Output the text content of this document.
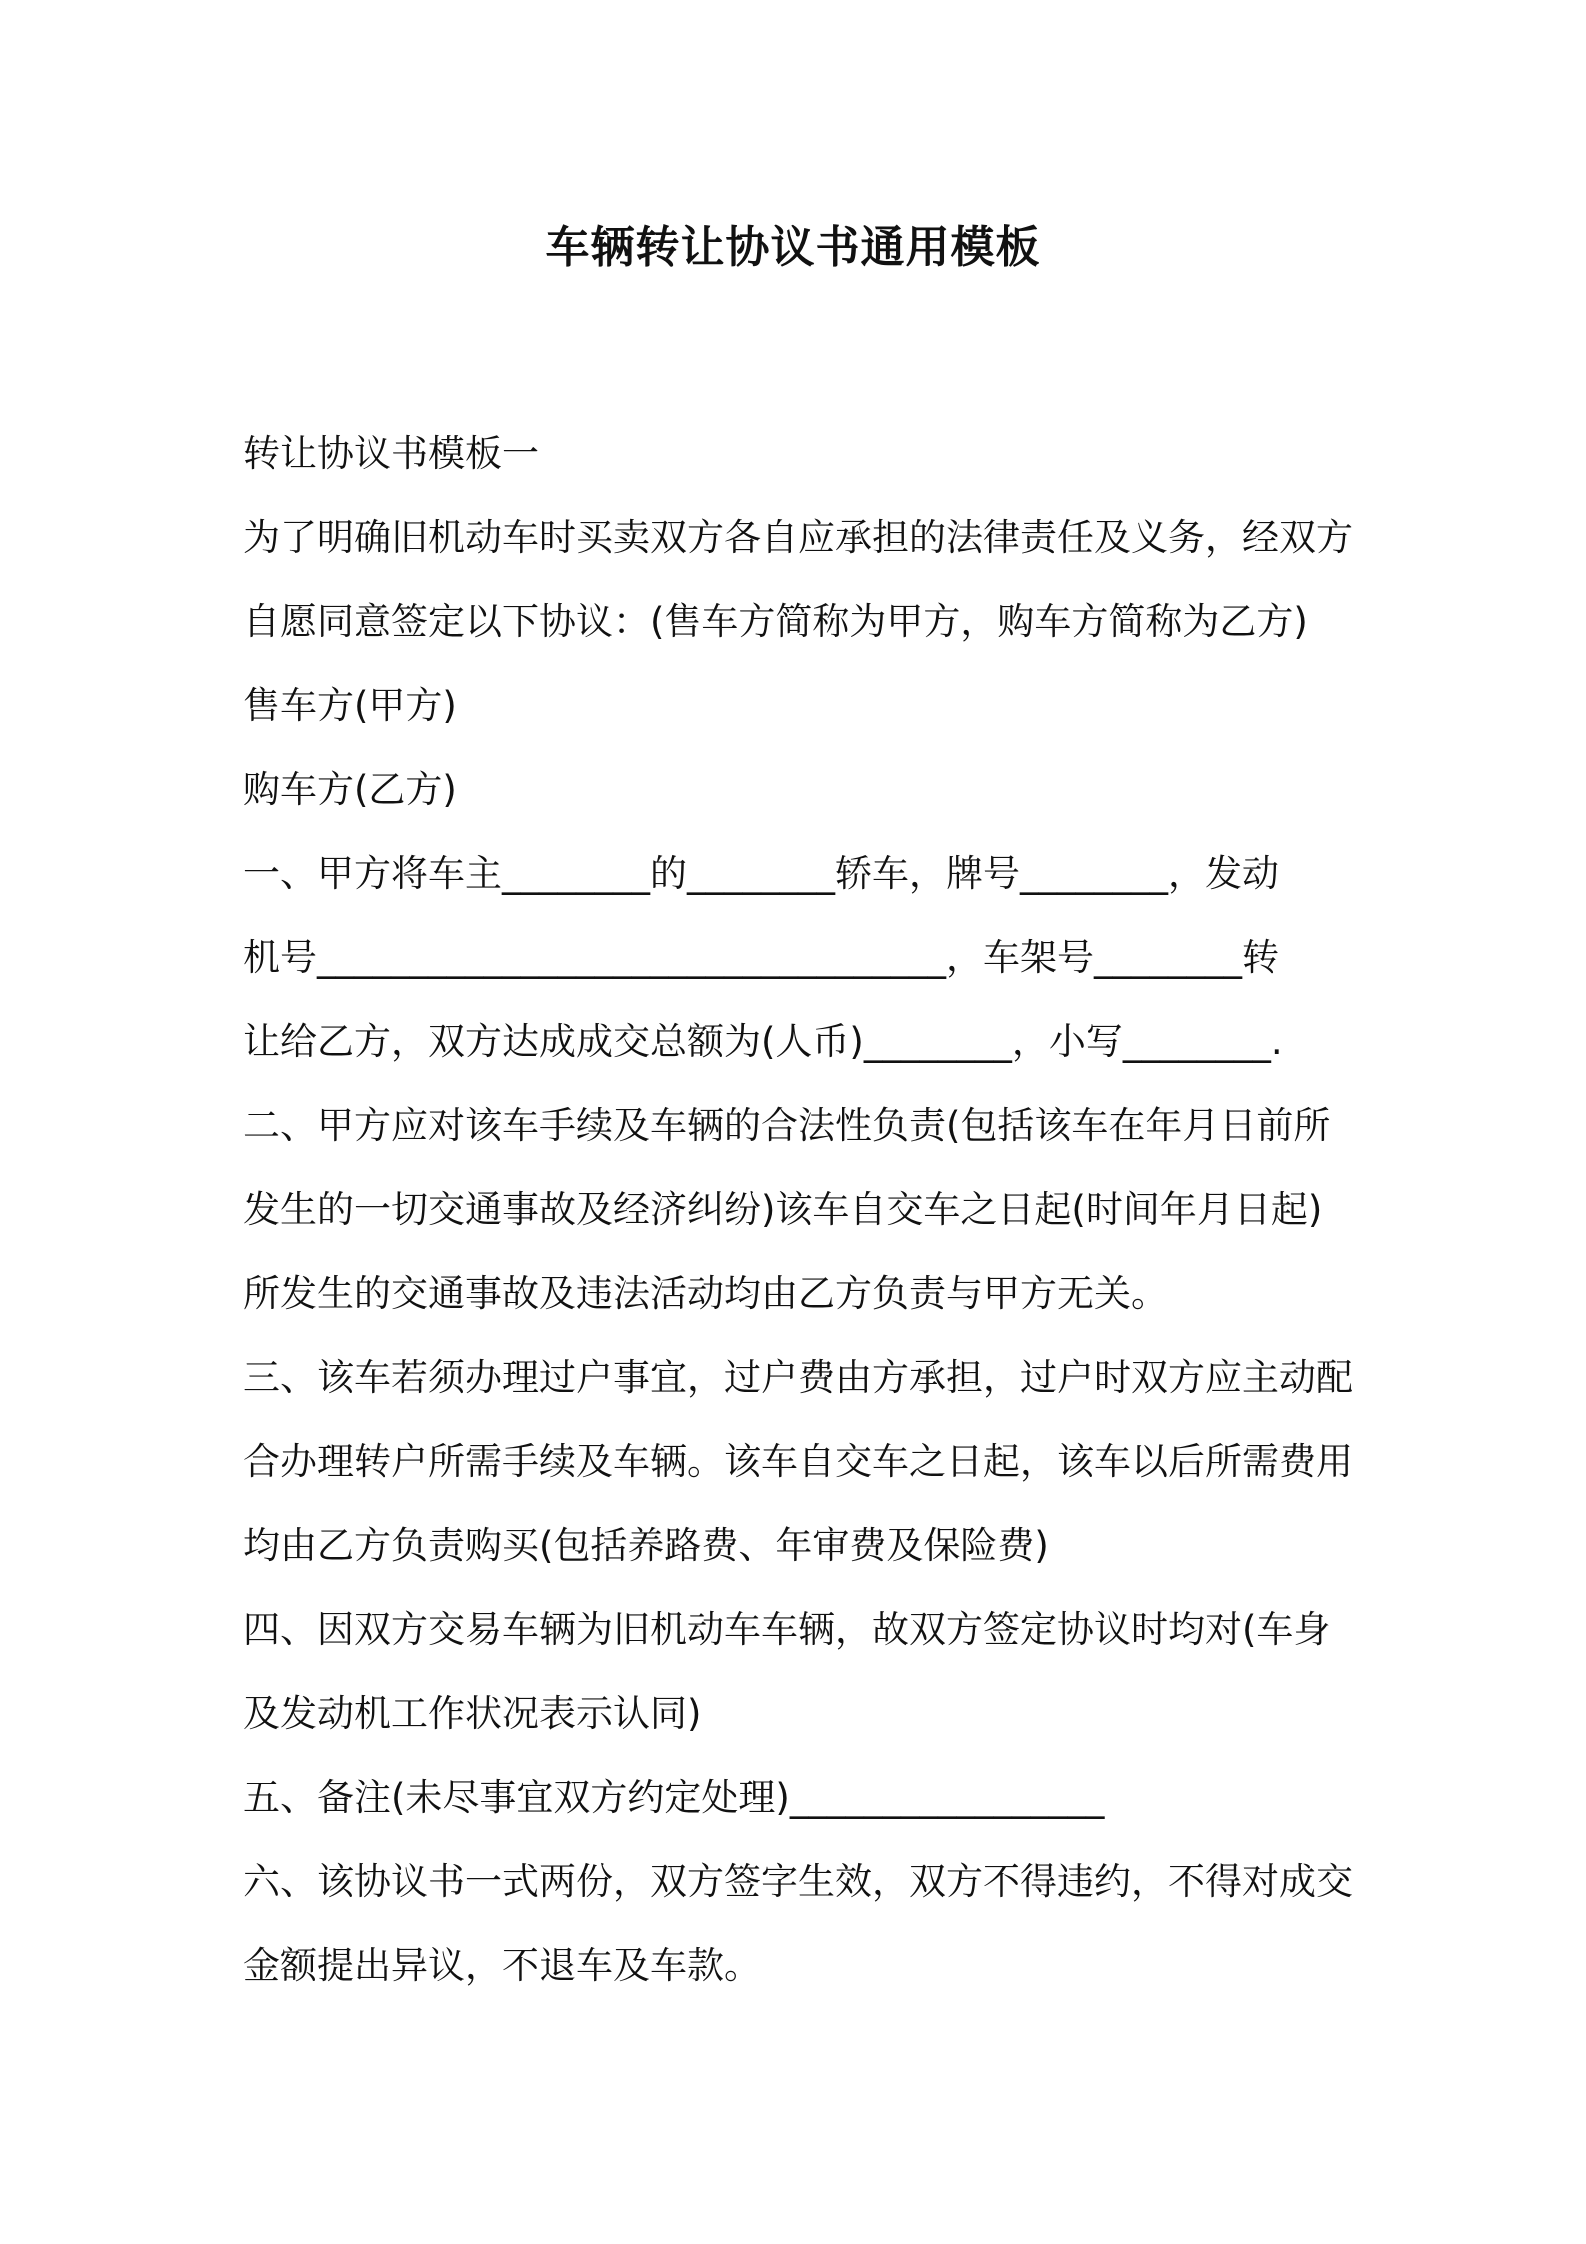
车辆转让协议书通用模板
转让协议书模板一
为了明确旧机动车时买卖双方各自应承担的法律责任及义务，经双方
自愿同意签定以下协议：(售车方简称为甲方，购车方简称为乙方)
售车方(甲方)
购车方(乙方)
一、甲方将车主________的________轿车，牌号________，发动
机号__________________________________，车架号________转
让给乙方，双方达成成交总额为(人币)________，小写________.
二、甲方应对该车手续及车辆的合法性负责(包括该车在年月日前所
发生的一切交通事故及经济纠纷)该车自交车之日起(时间年月日起)
所发生的交通事故及违法活动均由乙方负责与甲方无关。
三、该车若须办理过户事宜，过户费由方承担，过户时双方应主动配
合办理转户所需手续及车辆。该车自交车之日起，该车以后所需费用
均由乙方负责购买(包括养路费、年审费及保险费)
四、因双方交易车辆为旧机动车车辆，故双方签定协议时均对(车身
及发动机工作状况表示认同)
五、备注(未尽事宜双方约定处理)_________________
六、该协议书一式两份，双方签字生效，双方不得违约，不得对成交
金额提出异议，不退车及车款。
